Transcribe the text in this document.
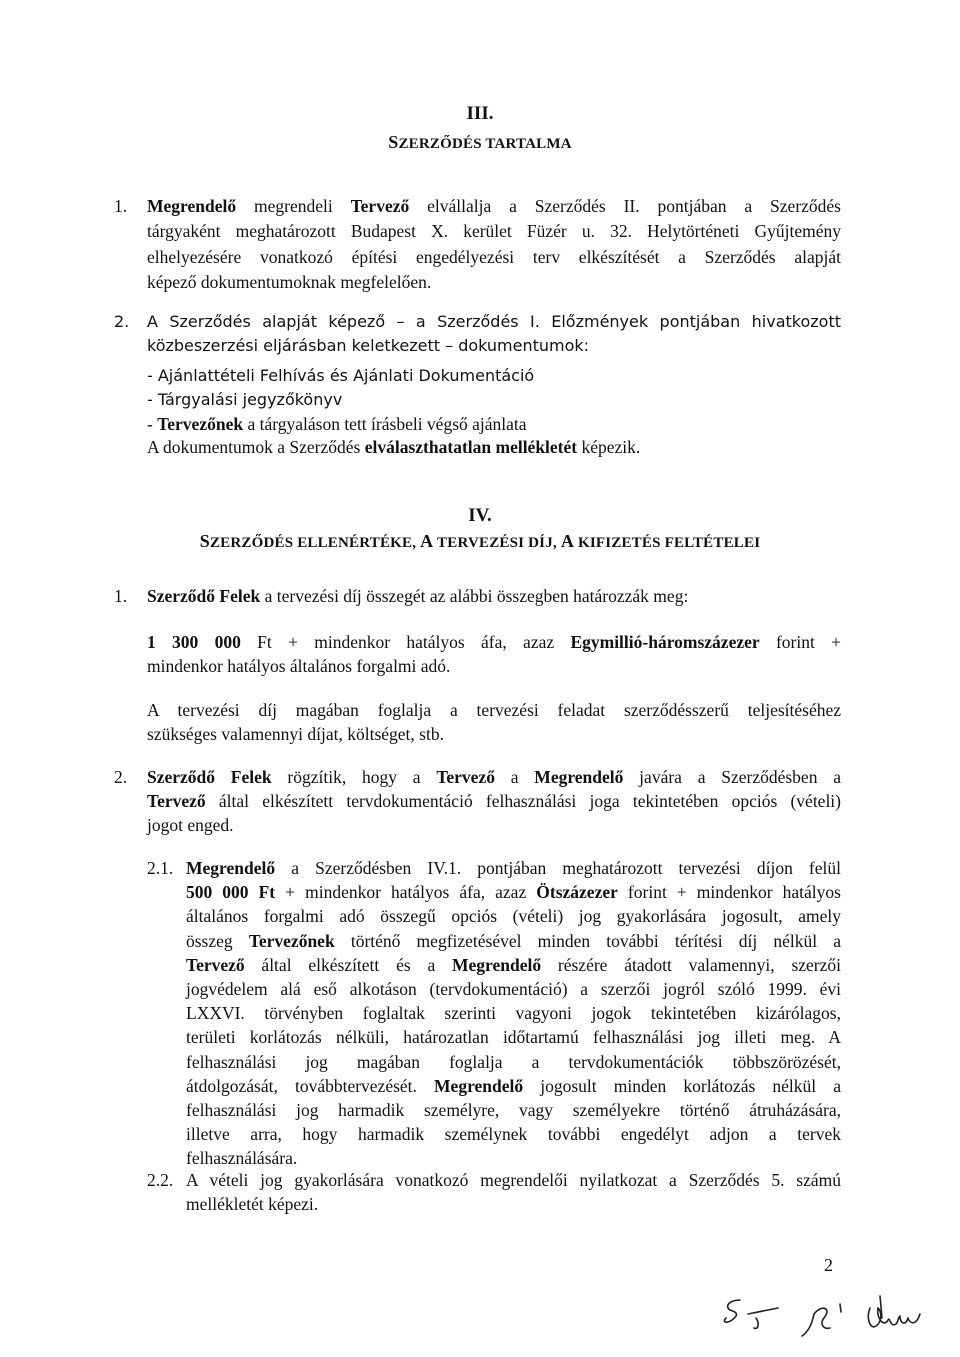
III.
SZERZŐDÉS TARTALMA
1. Megrendelő megrendeli Tervező elvállalja a Szerződés II. pontjában a Szerződés
tárgyaként meghatározott Budapest X. kerület Füzér u. 32. Helytörténeti Gyűjtemény
elhelyezésére vonatkozó építési engedélyezési terv elkészítését a Szerződés alapját
képező dokumentumoknak megfelelően.
2. A Szerződés alapját képező – a Szerződés I. Előzmények pontjában hivatkozott
közbeszerzési eljárásban keletkezett – dokumentumok:
- Ajánlattételi Felhívás és Ajánlati Dokumentáció
- Tárgyalási jegyzőkönyv
- Tervezőnek a tárgyaláson tett írásbeli végső ajánlata
A dokumentumok a Szerződés elválaszthatatlan mellékletét képezik.
IV.
SZERZŐDÉS ELLENÉRTÉKE, A TERVEZÉSI DÍJ, A KIFIZETÉS FELTÉTELEI
1. Szerződő Felek a tervezési díj összegét az alábbi összegben határozzák meg:
1 300 000 Ft + mindenkor hatályos áfa, azaz Egymillió-háromszázezer forint +
mindenkor hatályos általános forgalmi adó.
A tervezési díj magában foglalja a tervezési feladat szerződésszerű teljesítéséhez
szükséges valamennyi díjat, költséget, stb.
2. Szerződő Felek rögzítik, hogy a Tervező a Megrendelő javára a Szerződésben a
Tervező által elkészített tervdokumentáció felhasználási joga tekintetében opciós (vételi)
jogot enged.
2.1. Megrendelő a Szerződésben IV.1. pontjában meghatározott tervezési díjon felül
500 000 Ft + mindenkor hatályos áfa, azaz Ötszázezer forint + mindenkor hatályos
általános forgalmi adó összegű opciós (vételi) jog gyakorlására jogosult, amely
összeg Tervezőnek történő megfizetésével minden további térítési díj nélkül a
Tervező által elkészített és a Megrendelő részére átadott valamennyi, szerzői
jogvédelem alá eső alkotáson (tervdokumentáció) a szerzői jogról szóló 1999. évi
LXXVI. törvényben foglaltak szerinti vagyoni jogok tekintetében kizárólagos,
területi korlátozás nélküli, határozatlan időtartamú felhasználási jog illeti meg. A
felhasználási jog magában foglalja a tervdokumentációk többszörözését,
átdolgozását, továbbtervezését. Megrendelő jogosult minden korlátozás nélkül a
felhasználási jog harmadik személyre, vagy személyekre történő átruházására,
illetve arra, hogy harmadik személynek további engedélyt adjon a tervek
felhasználására.
2.2. A vételi jog gyakorlására vonatkozó megrendelői nyilatkozat a Szerződés 5. számú
mellékletét képezi.
2
